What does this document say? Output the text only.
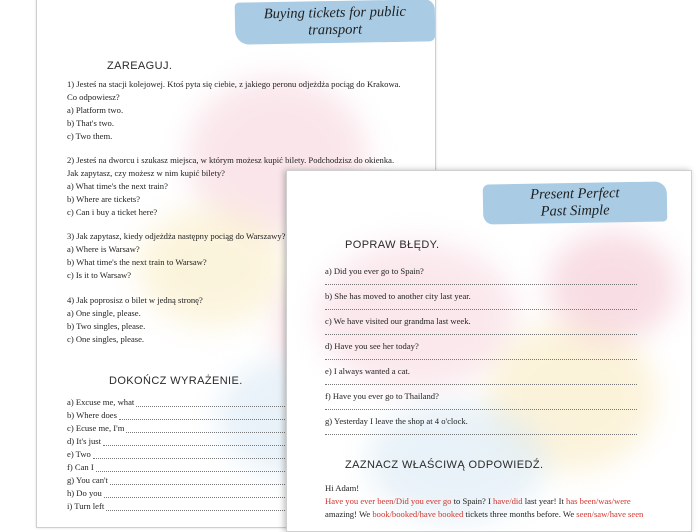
Buying tickets for public
transport
ZAREAGUJ.
1) Jesteś na stacji kolejowej. Ktoś pyta się ciebie, z jakiego peronu odjeżdża pociąg do Krakowa.
Co odpowiesz?
a) Platform two.
b) That's two.
c) Two them.
2) Jesteś na dworcu i szukasz miejsca, w którym możesz kupić bilety. Podchodzisz do okienka.
Jak zapytasz, czy możesz w nim kupić bilety?
a) What time's the next train?
b) Where are tickets?
c) Can i buy a ticket here?
3) Jak zapytasz, kiedy odjeżdża następny pociąg do Warszawy?
a) Where is Warsaw?
b) What time's the next train to Warsaw?
c) Is it to Warsaw?
4) Jak poprosisz o bilet w jedną stronę?
a) One single, please.
b) Two singles, please.
c) One singles, please.
DOKOŃCZ WYRAŻENIE.
a) Excuse me, what
b) Where does
c) Ecuse me, I'm
d) It's just
e) Two
f) Can I
g) You can't
h) Do you
i) Turn left
Present Perfect
Past Simple
POPRAW BŁĘDY.
a) Did you ever go to Spain?
b) She has moved to another city last year.
c) We have visited our grandma last week.
d) Have you see her today?
e) I always wanted a cat.
f) Have you ever go to Thailand?
g) Yesterday I leave the shop at 4 o'clock.
ZAZNACZ WŁAŚCIWĄ ODPOWIEDŹ.
Hi Adam!
Have you ever been/Did you ever go to Spain? I have/did last year! It has been/was/were
amazing! We book/booked/have booked tickets three months before. We seen/saw/have seen
